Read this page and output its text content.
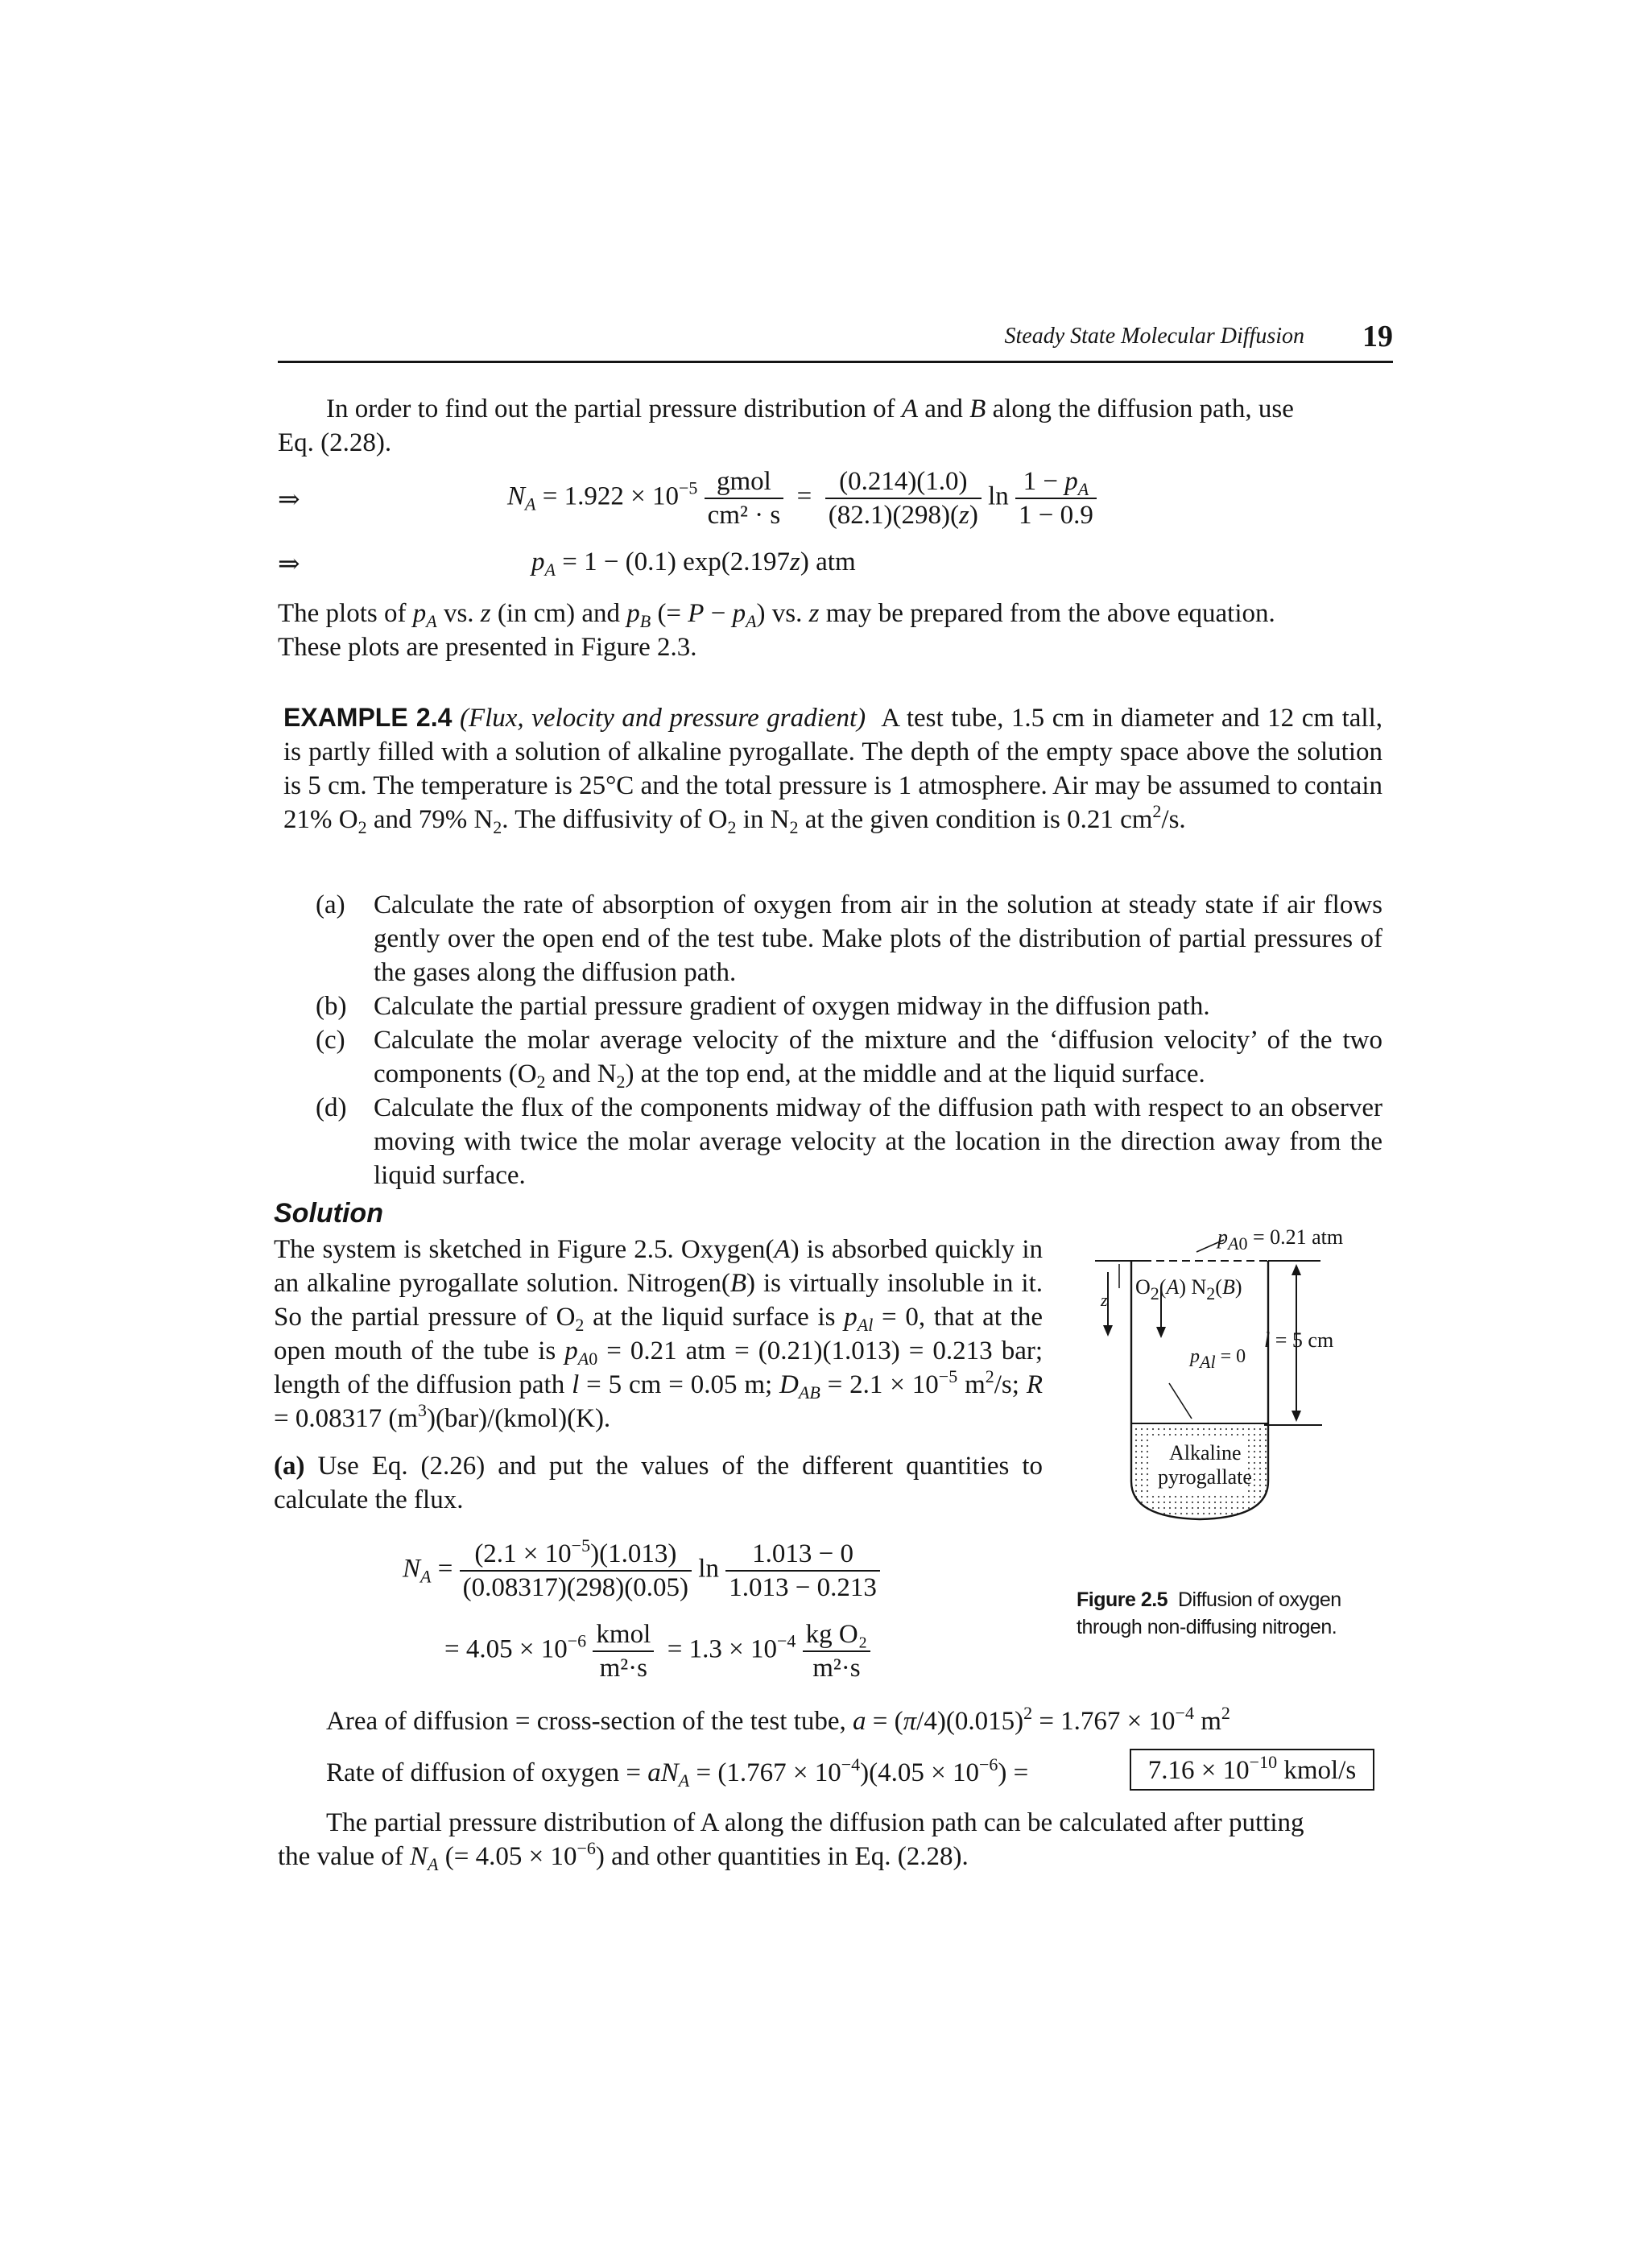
Steady State Molecular Diffusion 19
In order to find out the partial pressure distribution of A and B along the diffusion path, use
Eq. (2.28).
⇒	$N_A = 1.922 \times 10^{-5} \frac{\text{gmol}}{\text{cm² · s}} = \frac{(0.214)(1.0)}{(82.1)(298)(z)}$ $\ln \frac{1 - p_A}{1 - 0.9}$
⇒	$p_A = 1 - (0.1)$ exp(2.197z) atm
The plots of $p_A$ vs. z (in cm) and $p_B$ (= $P - p_A$) vs. z may be prepared from the above equation.
These plots are presented in Figure 2.3.
EXAMPLE 2.4 (Flux, velocity and pressure gradient)  A test tube, 1.5 cm in diameter and 12 cm tall, is partly filled with a solution of alkaline pyrogallate. The depth of the empty space above the solution is 5 cm. The temperature is 25°C and the total pressure is 1 atmosphere. Air may be assumed to contain 21% $O_2$ and 79% $N_2$. The diffusivity of $O_2$ in $N_2$ at the given condition is 0.21 $cm^2/s$.
(a) Calculate the rate of absorption of oxygen from air in the solution at steady state if air flows gently over the open end of the test tube. Make plots of the distribution of partial pressures of the gases along the diffusion path.
(b) Calculate the partial pressure gradient of oxygen midway in the diffusion path.
(c) Calculate the molar average velocity of the mixture and the ‘diffusion velocity’ of the two components ($O_2$ and $N_2$) at the top end, at the middle and at the liquid surface.
(d) Calculate the flux of the components midway of the diffusion path with respect to an observer moving with twice the molar average velocity at the location in the direction away from the liquid surface.
Solution
The system is sketched in Figure 2.5. Oxygen(A) is absorbed quickly in an alkaline pyrogallate solution. Nitrogen(B) is virtually insoluble in it. So the partial pressure of $O_2$ at the liquid surface is $p_{Al} = 0$, that at the open mouth of the tube is $p_{A0} = 0.21$ atm = (0.21)(1.013) = 0.213 bar; length of the diffusion path l = 5 cm = 0.05 m; $D_{AB} = 2.1 \times 10^{-5}$ $m^2/s$; R = 0.08317 $(m^3)(bar)/(kmol)(K)$.
(a) Use Eq. (2.26) and put the values of the different quantities to calculate the flux.
$N_A = \frac{(2.1 \times 10^{-5})(1.013)}{(0.08317)(298)(0.05)}$ $\ln \frac{1.013 - 0}{1.013 - 0.213}$
= $4.05 \times 10^{-6} \frac{\text{kmol}}{\text{m²·s}} = 1.3 \times 10^{-4} \frac{\text{kg O₂}}{\text{m²·s}}$
Area of diffusion = cross-section of the test tube, $a = (\pi/4)(0.015)^2 = 1.767 \times 10^{-4}$ $m^2$
Rate of diffusion of oxygen = $aN_A = (1.767 \times 10^{-4})(4.05 \times 10^{-6})$ =	$7.16 \times 10^{-10}$ kmol/s
The partial pressure distribution of A along the diffusion path can be calculated after putting
the value of $N_A$ (= $4.05 \times 10^{-6}$) and other quantities in Eq. (2.28).
$p_{A0} = 0.21$ atm
z
$O_2(A)$ $N_2(B)$
l = 5 cm
$p_{Al} = 0$
Alkaline
pyrogallate
Figure 2.5 Diffusion of oxygen through non-diffusing nitrogen.
